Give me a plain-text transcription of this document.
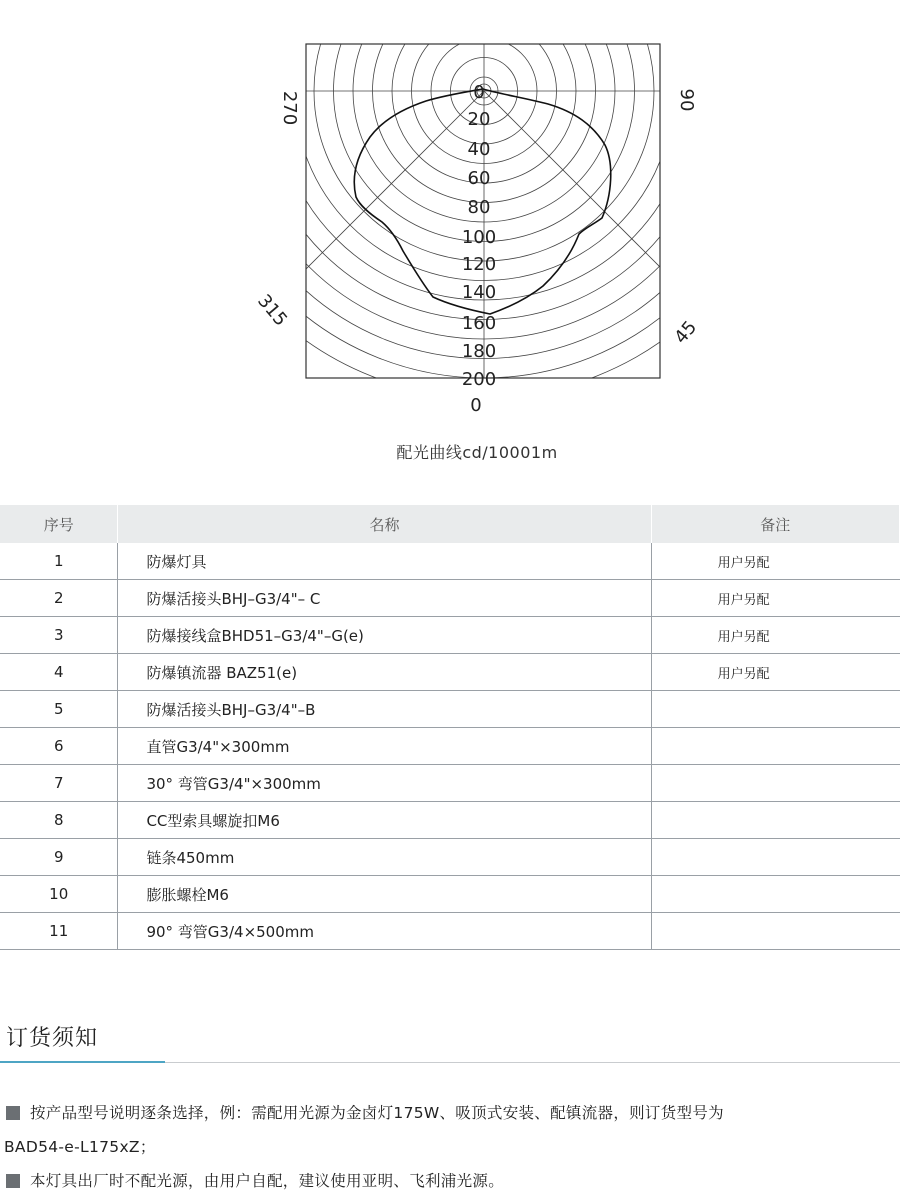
0
20
40
60
80
100
120
140
160
180
200
270	90
315
45
0
配光曲线cd/10001m
序号	名称	备注
1	防爆灯具	用户另配
2	防爆活接头BHJ–G3/4"– C	用户另配
3	防爆接线盒BHD51–G3/4"–G(e)	用户另配
4	防爆镇流器 BAZ51(e)	用户另配
5	防爆活接头BHJ–G3/4"–B	
6	直管G3/4"×300mm	
7	30° 弯管G3/4"×300mm	
8	CC型索具螺旋扣M6	
9	链条450mm	
10	膨胀螺栓M6	
11	90° 弯管G3/4×500mm	
订货须知
按产品型号说明逐条选择，例：需配用光源为金卤灯175W、吸顶式安装、配镇流器，则订货型号为
BAD54-e-L175xZ；
本灯具出厂时不配光源，由用户自配，建议使用亚明、飞利浦光源。
